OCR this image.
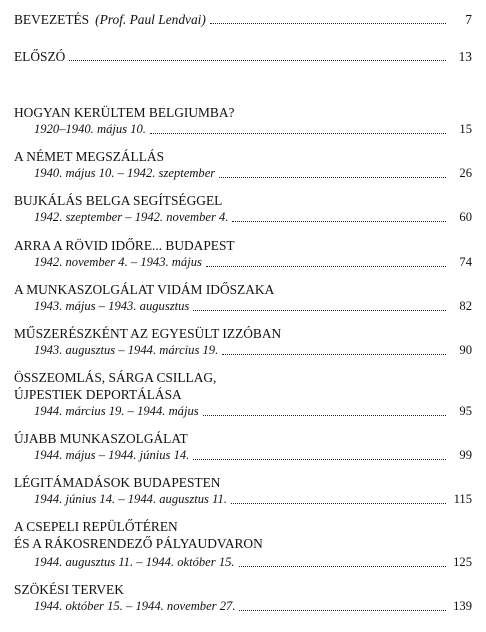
BEVEZETÉS (Prof. Paul Lendvai)	7
ELŐSZÓ	13
HOGYAN KERÜLTEM BELGIUMBA?
1920–1940. május 10.	15
A NÉMET MEGSZÁLLÁS
1940. május 10. – 1942. szeptember	26
BUJKÁLÁS BELGA SEGÍTSÉGGEL
1942. szeptember – 1942. november 4.	60
ARRA A RÖVID IDŐRE... BUDAPEST
1942. november 4. – 1943. május	74
A MUNKASZOLGÁLAT VIDÁM IDŐSZAKA
1943. május – 1943. augusztus	82
MŰSZERÉSZKÉNT AZ EGYESÜLT IZZÓBAN
1943. augusztus – 1944. március 19.	90
ÖSSZEOMLÁS, SÁRGA CSILLAG,
ÚJPESTIEK DEPORTÁLÁSA
1944. március 19. – 1944. május	95
ÚJABB MUNKASZOLGÁLAT
1944. május – 1944. június 14.	99
LÉGITÁMADÁSOK BUDAPESTEN
1944. június 14. – 1944. augusztus 11.	115
A CSEPELI REPÜLŐTÉREN
ÉS A RÁKOSRENDEZŐ PÁLYAUDVARON
1944. augusztus 11. – 1944. október 15.	125
SZÖKÉSI TERVEK
1944. október 15. – 1944. november 27.	139
